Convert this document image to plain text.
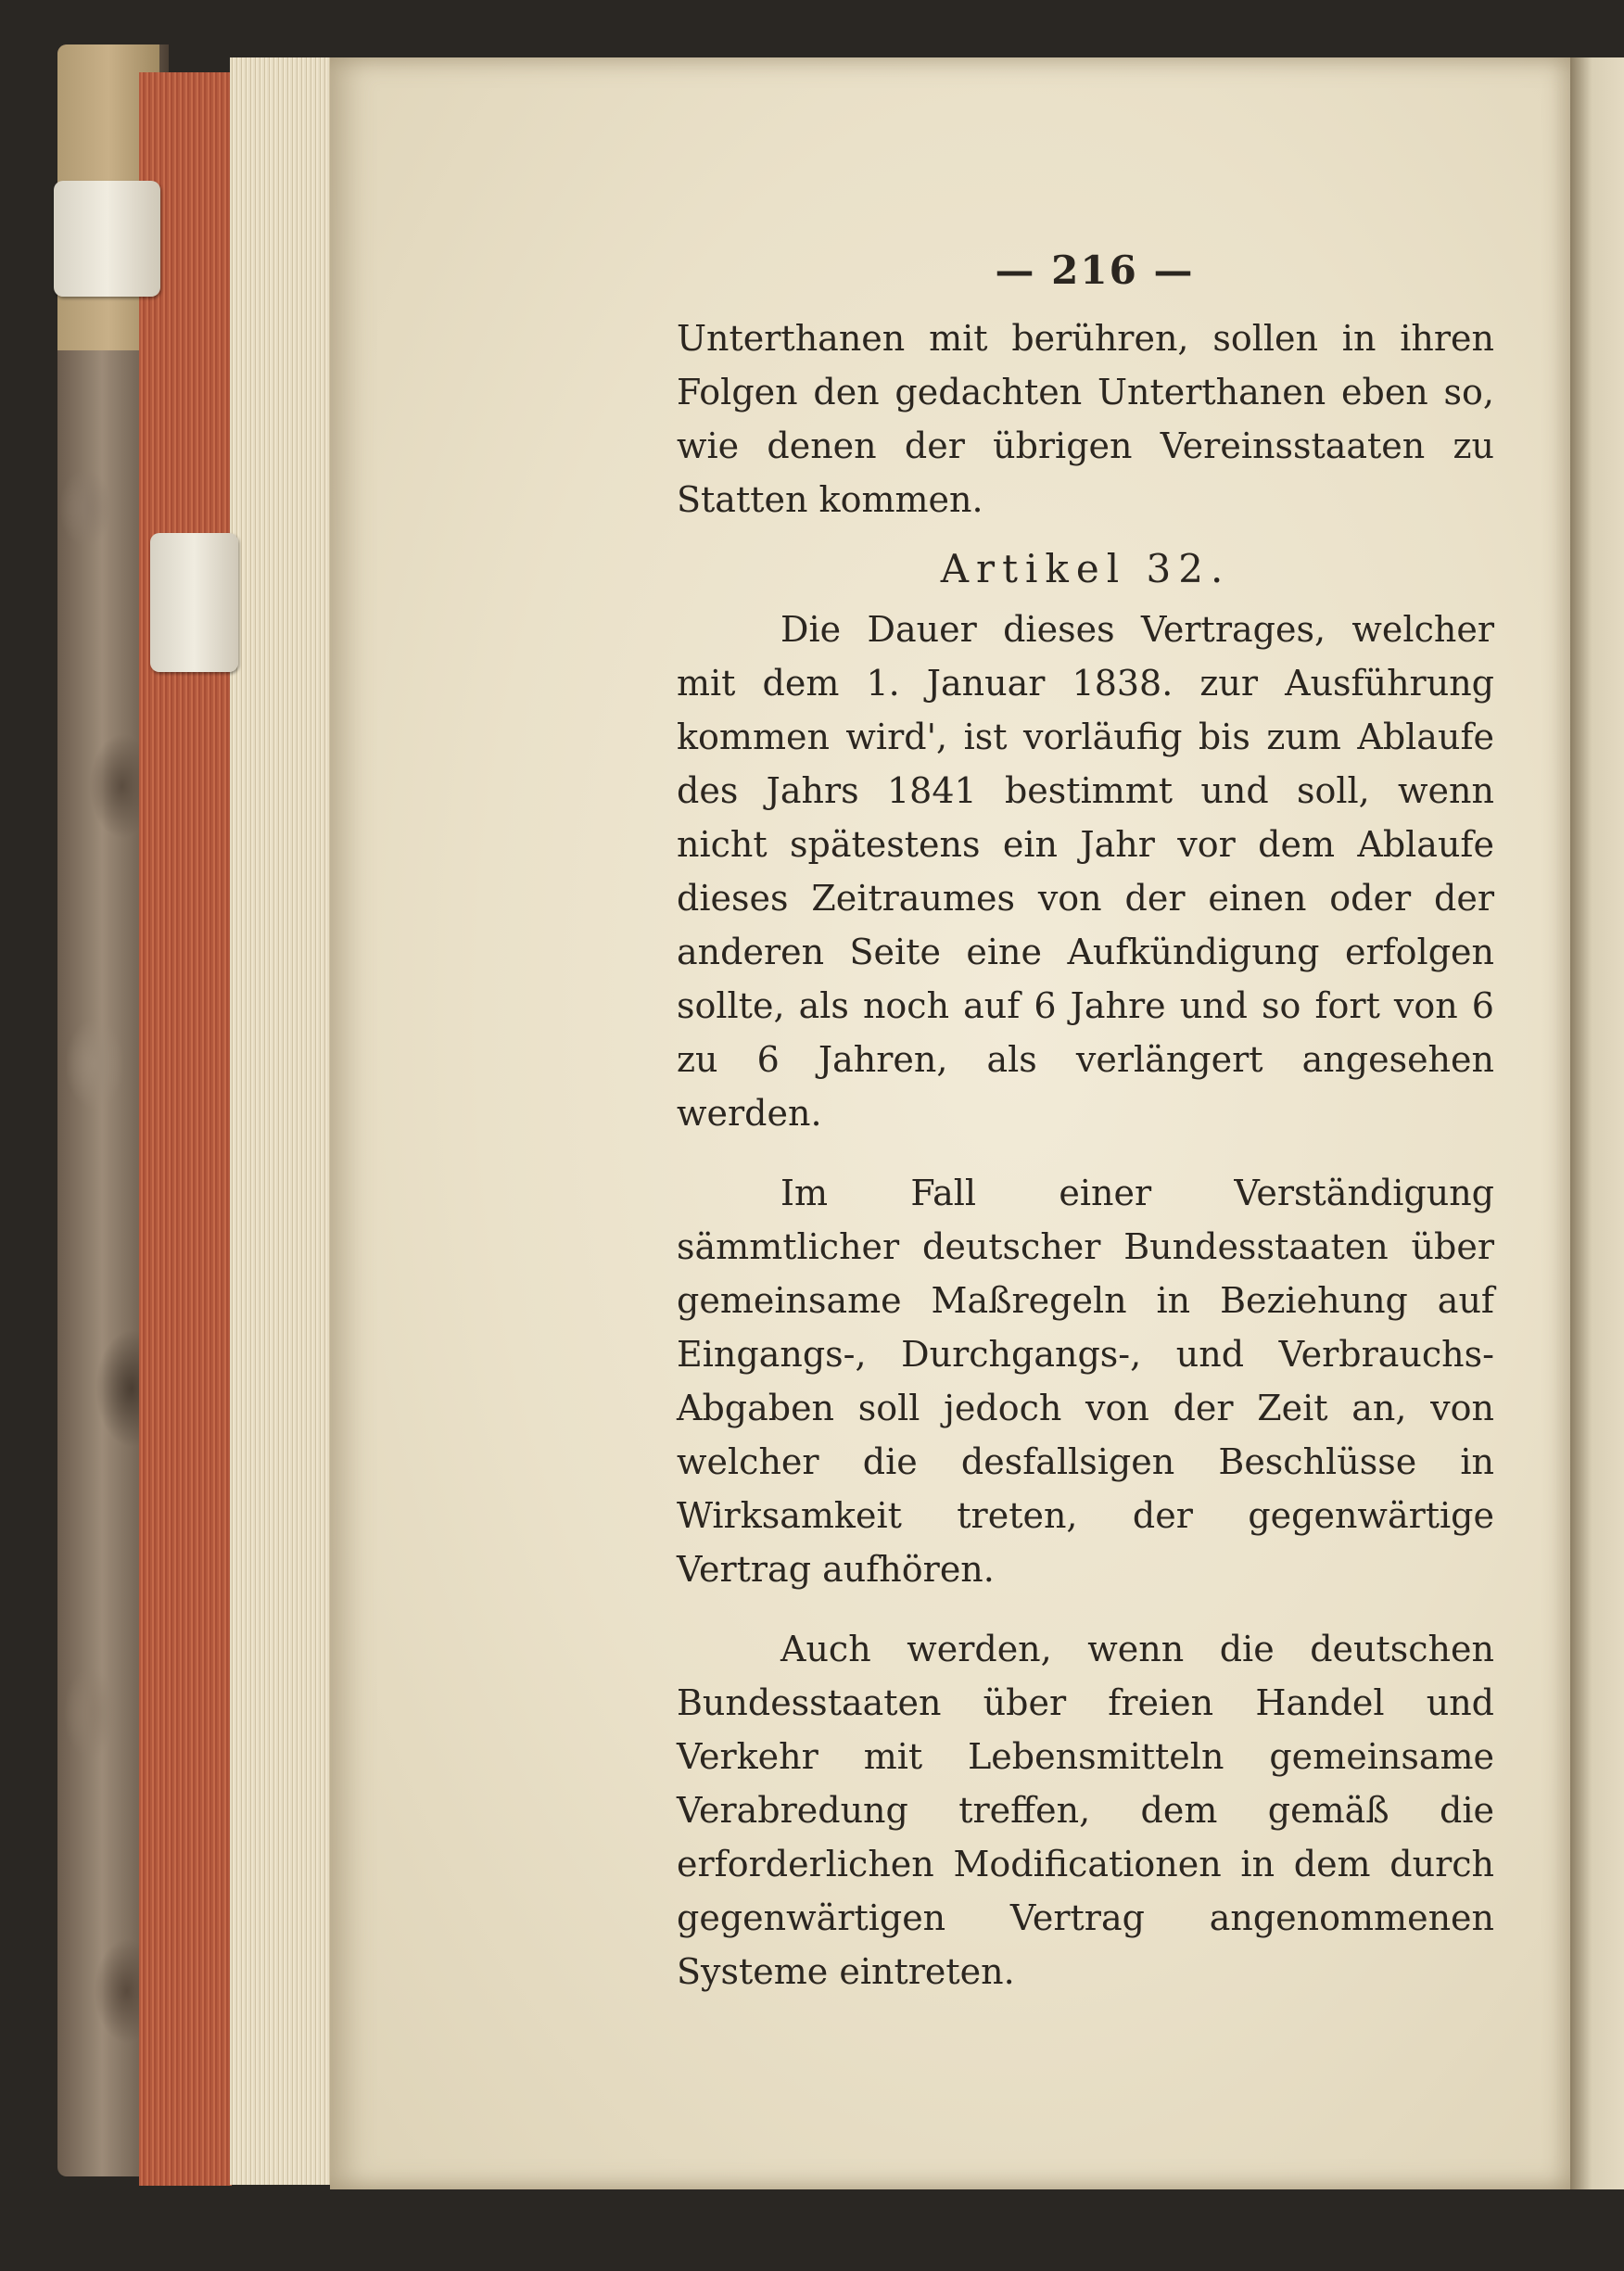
— 216 —

Unterthanen mit berühren, sollen in ihren Folgen den gedachten Unterthanen eben so, wie denen der übrigen Vereinsstaaten zu Statten kommen.

Artikel 32.

Die Dauer dieses Vertrages, welcher mit dem 1. Januar 1838. zur Ausführung kommen wird', ist vorläufig bis zum Ablaufe des Jahrs 1841 bestimmt und soll, wenn nicht spätestens ein Jahr vor dem Ablaufe dieses Zeitraumes von der einen oder der anderen Seite eine Aufkündigung erfolgen sollte, als noch auf 6 Jahre und so fort von 6 zu 6 Jahren, als verlängert angesehen werden.

Im Fall einer Verständigung sämmtlicher deutscher Bundesstaaten über gemeinsame Maßregeln in Beziehung auf Eingangs-, Durchgangs-, und Verbrauchs-Abgaben soll jedoch von der Zeit an, von welcher die desfallsigen Beschlüsse in Wirksamkeit treten, der gegenwärtige Vertrag aufhören.

Auch werden, wenn die deutschen Bundesstaaten über freien Handel und Verkehr mit Lebensmitteln gemeinsame Verabredung treffen, dem gemäß die erforderlichen Modificationen in dem durch gegenwärtigen Vertrag angenommenen Systeme eintreten.
